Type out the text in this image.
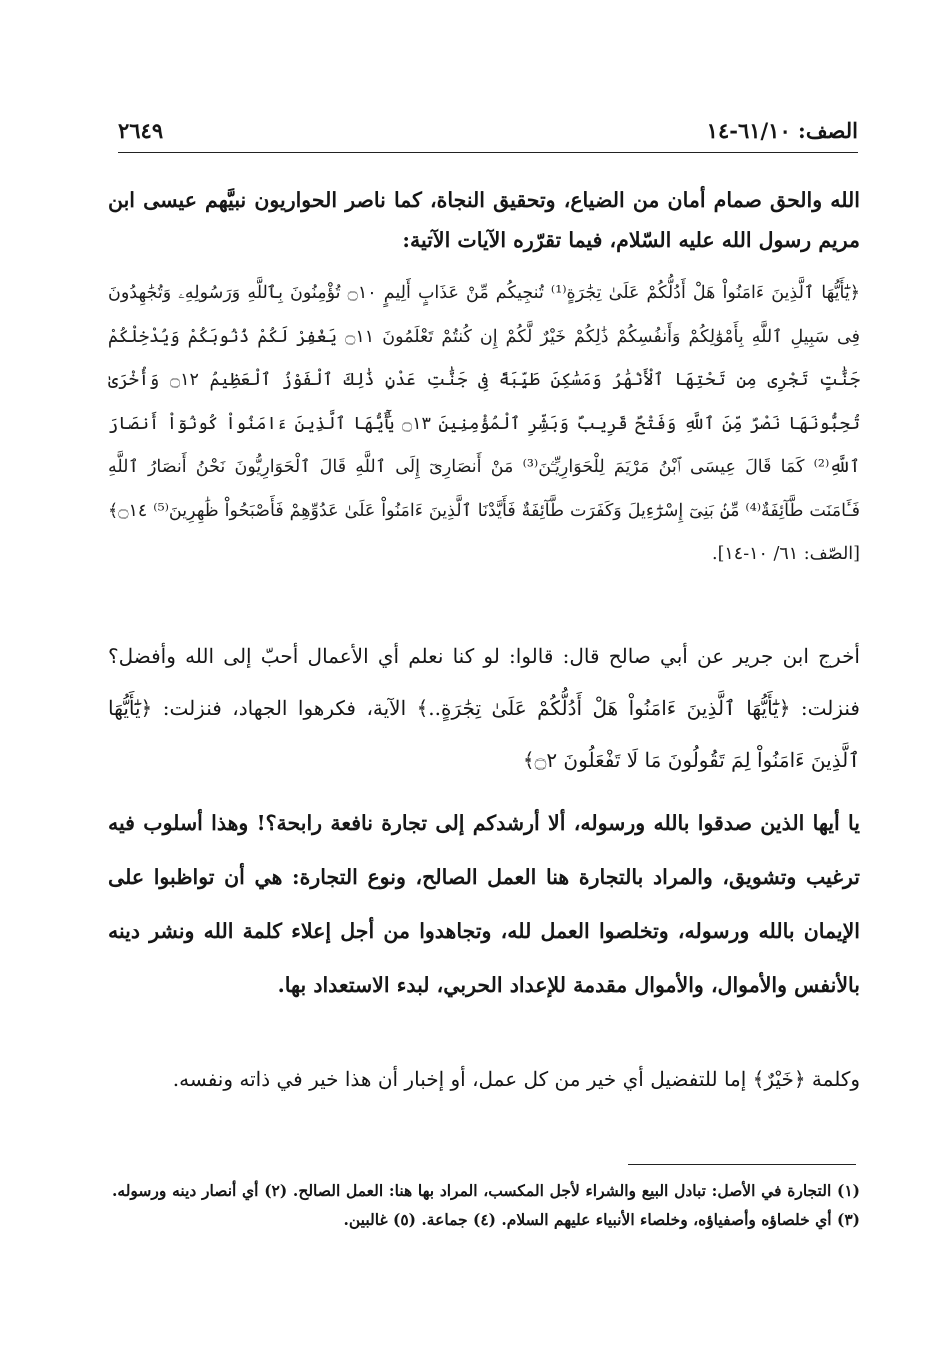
الصف: ٦١/١٠-١٤
٢٦٤٩

الله والحق صمام أمان من الضياع، وتحقيق النجاة، كما ناصر الحواريون نبيَّهم عيسى ابن مريم رسول الله عليه السّلام، فيما تقرّره الآيات الآتية:

﴿يَٰٓأَيُّهَا ٱلَّذِينَ ءَامَنُواْ هَلْ أَدُلُّكُمْ عَلَىٰ تِجَٰرَةٍ⁽¹⁾ تُنجِيكُم مِّنْ عَذَابٍ أَلِيمٍ ۝١٠ تُؤْمِنُونَ بِٱللَّهِ وَرَسُولِهِۦ وَتُجَٰهِدُونَ فِى سَبِيلِ ٱللَّهِ بِأَمْوَٰلِكُمْ وَأَنفُسِكُمْ ذَٰلِكُمْ خَيْرٌ لَّكُمْ إِن كُنتُمْ تَعْلَمُونَ ۝١١ يَغْفِرْ لَكُمْ ذُنُوبَكُمْ وَيُدْخِلْكُمْ جَنَّٰتٍ تَجْرِى مِن تَحْتِهَا ٱلْأَنْهَٰرُ وَمَسَٰكِنَ طَيِّبَةً فِى جَنَّٰتِ عَدْنٍ ذَٰلِكَ ٱلْفَوْزُ ٱلْعَظِيمُ ۝١٢ وَأُخْرَىٰ تُحِبُّونَهَا نَصْرٌ مِّنَ ٱللَّهِ وَفَتْحٌ قَرِيبٌ وَبَشِّرِ ٱلْمُؤْمِنِينَ ۝١٣ يَٰٓأَيُّهَا ٱلَّذِينَ ءَامَنُواْ كُونُوٓاْ أَنصَارَ ٱللَّهِ⁽²⁾ كَمَا قَالَ عِيسَى ٱبْنُ مَرْيَمَ لِلْحَوَارِيِّـۧنَ⁽³⁾ مَنْ أَنصَارِىٓ إِلَى ٱللَّهِ قَالَ ٱلْحَوَارِيُّونَ نَحْنُ أَنصَارُ ٱللَّهِ فَـَٔامَنَت طَّآئِفَةٌ⁽⁴⁾ مِّنۢ بَنِىٓ إِسْرَٰٓءِيلَ وَكَفَرَت طَّآئِفَةٌ فَأَيَّدْنَا ٱلَّذِينَ ءَامَنُواْ عَلَىٰ عَدُوِّهِمْ فَأَصْبَحُواْ ظَٰهِرِينَ⁽⁵⁾ ۝١٤﴾ [الصّف: ٦١/ ١٠-١٤].

أخرج ابن جرير عن أبي صالح قال: قالوا: لو كنا نعلم أي الأعمال أحبّ إلى الله وأفضل؟ فنزلت: ﴿يَٰٓأَيُّهَا ٱلَّذِينَ ءَامَنُواْ هَلْ أَدُلُّكُمْ عَلَىٰ تِجَٰرَةٍ..﴾ الآية، فكرهوا الجهاد، فنزلت: ﴿يَٰٓأَيُّهَا ٱلَّذِينَ ءَامَنُواْ لِمَ تَقُولُونَ مَا لَا تَفْعَلُونَ ۝٢﴾

يا أيها الذين صدقوا بالله ورسوله، ألا أرشدكم إلى تجارة نافعة رابحة؟! وهذا أسلوب فيه ترغيب وتشويق، والمراد بالتجارة هنا العمل الصالح، ونوع التجارة: هي أن تواظبوا على الإيمان بالله ورسوله، وتخلصوا العمل لله، وتجاهدوا من أجل إعلاء كلمة الله ونشر دينه بالأنفس والأموال، والأموال مقدمة للإعداد الحربي، لبدء الاستعداد بها.

وكلمة ﴿خَيْرٌ﴾ إما للتفضيل أي خير من كل عمل، أو إخبار أن هذا خير في ذاته ونفسه.

(١) التجارة في الأصل: تبادل البيع والشراء لأجل المكسب، المراد بها هنا: العمل الصالح. (٢) أي أنصار دينه ورسوله. (٣) أي خلصاؤه وأصفياؤه، وخلصاء الأنبياء عليهم السلام. (٤) جماعة. (٥) غالبين.
